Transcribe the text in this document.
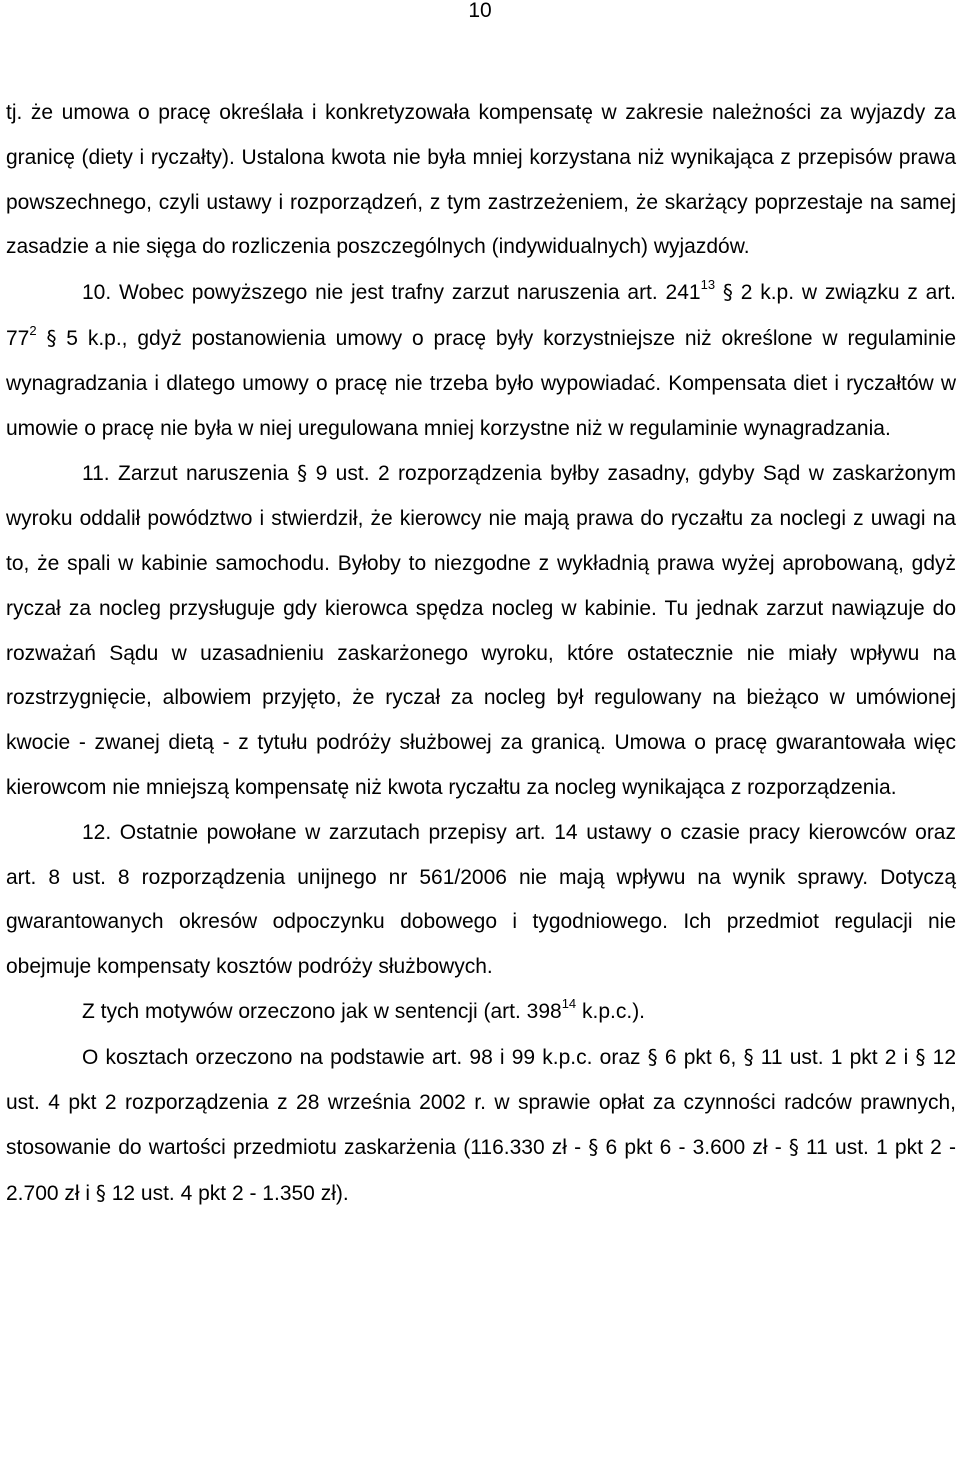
10

tj. że umowa o pracę określała i konkretyzowała kompensatę w zakresie należności za wyjazdy za granicę (diety i ryczałty). Ustalona kwota nie była mniej korzystana niż wynikająca z przepisów prawa powszechnego, czyli ustawy i rozporządzeń, z tym zastrzeżeniem, że skarżący poprzestaje na samej zasadzie a nie sięga do rozliczenia poszczególnych (indywidualnych) wyjazdów.

10. Wobec powyższego nie jest trafny zarzut naruszenia art. $241^{13}$ § 2 k.p. w związku z art. $77^2$ § 5 k.p., gdyż postanowienia umowy o pracę były korzystniejsze niż określone w regulaminie wynagradzania i dlatego umowy o pracę nie trzeba było wypowiadać. Kompensata diet i ryczałtów w umowie o pracę nie była w niej uregulowana mniej korzystne niż w regulaminie wynagradzania.

11. Zarzut naruszenia § 9 ust. 2 rozporządzenia byłby zasadny, gdyby Sąd w zaskarżonym wyroku oddalił powództwo i stwierdził, że kierowcy nie mają prawa do ryczałtu za noclegi z uwagi na to, że spali w kabinie samochodu. Byłoby to niezgodne z wykładnią prawa wyżej aprobowaną, gdyż ryczał za nocleg przysługuje gdy kierowca spędza nocleg w kabinie. Tu jednak zarzut nawiązuje do rozważań Sądu w uzasadnieniu zaskarżonego wyroku, które ostatecznie nie miały wpływu na rozstrzygnięcie, albowiem przyjęto, że ryczał za nocleg był regulowany na bieżąco w umówionej kwocie - zwanej dietą - z tytułu podróży służbowej za granicą. Umowa o pracę gwarantowała więc kierowcom nie mniejszą kompensatę niż kwota ryczałtu za nocleg wynikająca z rozporządzenia.

12. Ostatnie powołane w zarzutach przepisy art. 14 ustawy o czasie pracy kierowców oraz art. 8 ust. 8 rozporządzenia unijnego nr 561/2006 nie mają wpływu na wynik sprawy. Dotyczą gwarantowanych okresów odpoczynku dobowego i tygodniowego. Ich przedmiot regulacji nie obejmuje kompensaty kosztów podróży służbowych.

Z tych motywów orzeczono jak w sentencji (art. $398^{14}$ k.p.c.).

O kosztach orzeczono na podstawie art. 98 i 99 k.p.c. oraz § 6 pkt 6, § 11 ust. 1 pkt 2 i § 12 ust. 4 pkt 2 rozporządzenia z 28 września 2002 r. w sprawie opłat za czynności radców prawnych, stosowanie do wartości przedmiotu zaskarżenia (116.330 zł - § 6 pkt 6 - 3.600 zł - § 11 ust. 1 pkt 2 - 2.700 zł i § 12 ust. 4 pkt 2 - 1.350 zł).
